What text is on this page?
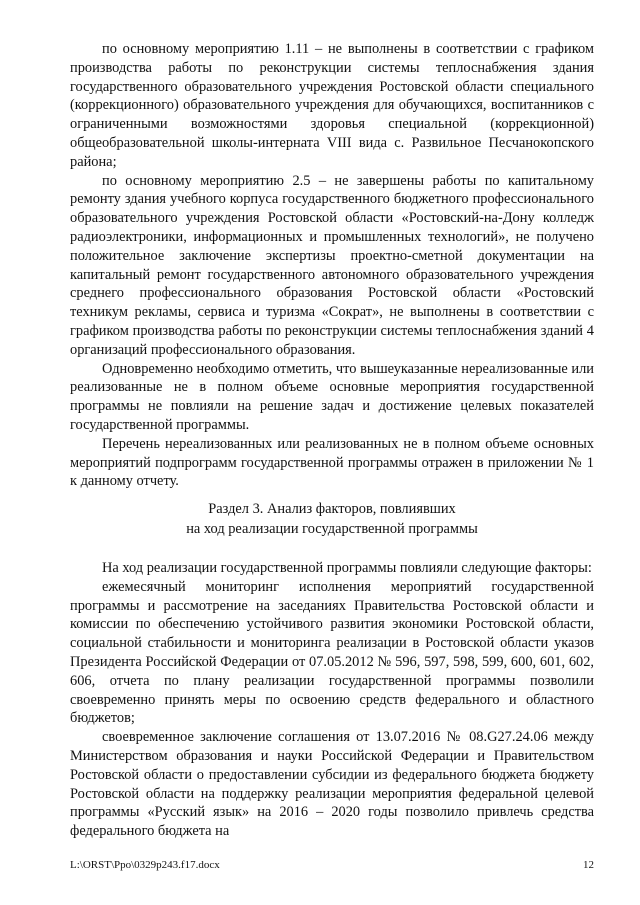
по основному мероприятию 1.11 – не выполнены в соответствии с графиком производства работы по реконструкции системы теплоснабжения здания государственного образовательного учреждения Ростовской области специального (коррекционного) образовательного учреждения для обучающихся, воспитанников с ограниченными возможностями здоровья специальной (коррекционной) общеобразовательной школы-интерната VIII вида с. Развильное Песчанокопского района;

по основному мероприятию 2.5 – не завершены работы по капитальному ремонту здания учебного корпуса государственного бюджетного профессионального образовательного учреждения Ростовской области «Ростовский-на-Дону колледж радиоэлектроники, информационных и промышленных технологий», не получено положительное заключение экспертизы проектно-сметной документации на капитальный ремонт государственного автономного образовательного учреждения среднего профессионального образования Ростовской области «Ростовский техникум рекламы, сервиса и туризма «Сократ», не выполнены в соответствии с графиком производства работы по реконструкции системы теплоснабжения зданий 4 организаций профессионального образования.

Одновременно необходимо отметить, что вышеуказанные нереализованные или реализованные не в полном объеме основные мероприятия государственной программы не повлияли на решение задач и достижение целевых показателей государственной программы.

Перечень нереализованных или реализованных не в полном объеме основных мероприятий подпрограмм государственной программы отражен в приложении № 1 к данному отчету.

Раздел 3. Анализ факторов, повлиявших
на ход реализации государственной программы

На ход реализации государственной программы повлияли следующие факторы:

ежемесячный мониторинг исполнения мероприятий государственной программы и рассмотрение на заседаниях Правительства Ростовской области и комиссии по обеспечению устойчивого развития экономики Ростовской области, социальной стабильности и мониторинга реализации в Ростовской области указов Президента Российской Федерации от 07.05.2012 № 596, 597, 598, 599, 600, 601, 602, 606, отчета по плану реализации государственной программы позволили своевременно принять меры по освоению средств федерального и областного бюджетов;

своевременное заключение соглашения от 13.07.2016 № 08.G27.24.06 между Министерством образования и науки Российской Федерации и Правительством Ростовской области о предоставлении субсидии из федерального бюджета бюджету Ростовской области на поддержку реализации мероприятия федеральной целевой программы «Русский язык» на 2016 – 2020 годы позволило привлечь средства федерального бюджета на

L:\ORST\Ppo\0329p243.f17.docx	12
